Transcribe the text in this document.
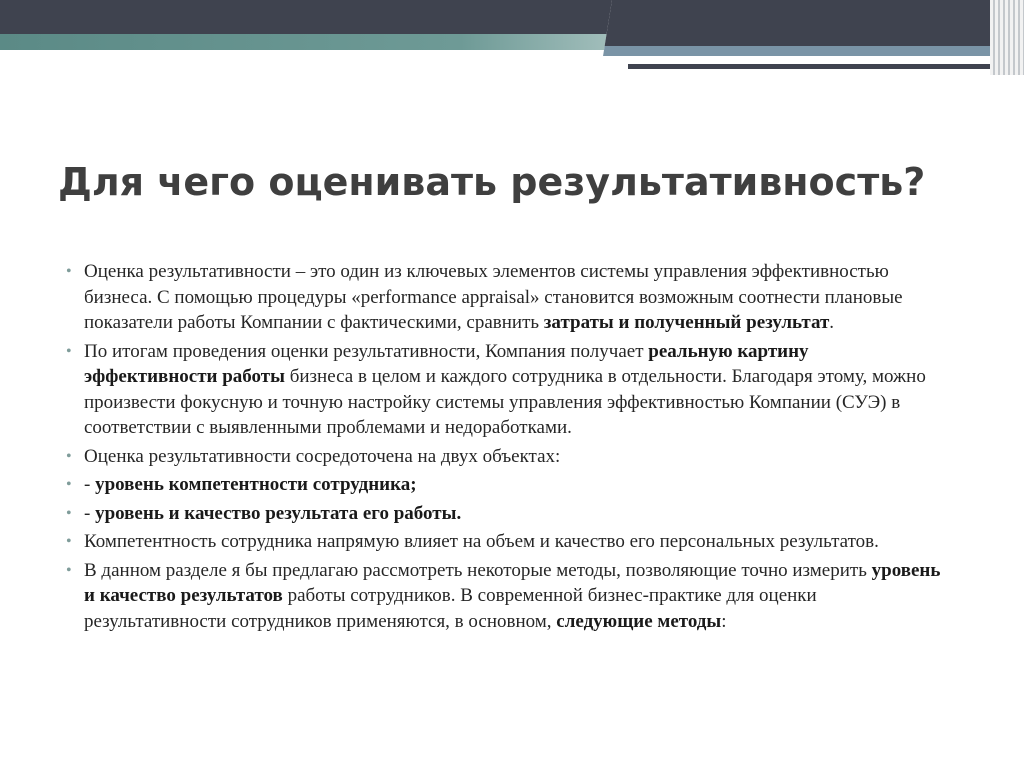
Для чего оценивать результативность?
• Оценка результативности – это один из ключевых элементов системы управления эффективностью бизнеса. С помощью процедуры «performance appraisal» становится возможным соотнести плановые показатели работы Компании с фактическими, сравнить затраты и полученный результат.
• По итогам проведения оценки результативности, Компания получает реальную картину эффективности работы бизнеса в целом и каждого сотрудника в отдельности. Благодаря этому, можно произвести фокусную и точную настройку системы управления эффективностью Компании (СУЭ) в соответствии с выявленными проблемами и недоработками.
• Оценка результативности сосредоточена на двух объектах:
• - уровень компетентности сотрудника;
• - уровень и качество результата его работы.
• Компетентность сотрудника напрямую влияет на объем и качество его персональных результатов.
• В данном разделе я бы предлагаю рассмотреть некоторые методы, позволяющие точно измерить уровень и качество результатов работы сотрудников. В современной бизнес-практике для оценки результативности сотрудников применяются, в основном, следующие методы:
